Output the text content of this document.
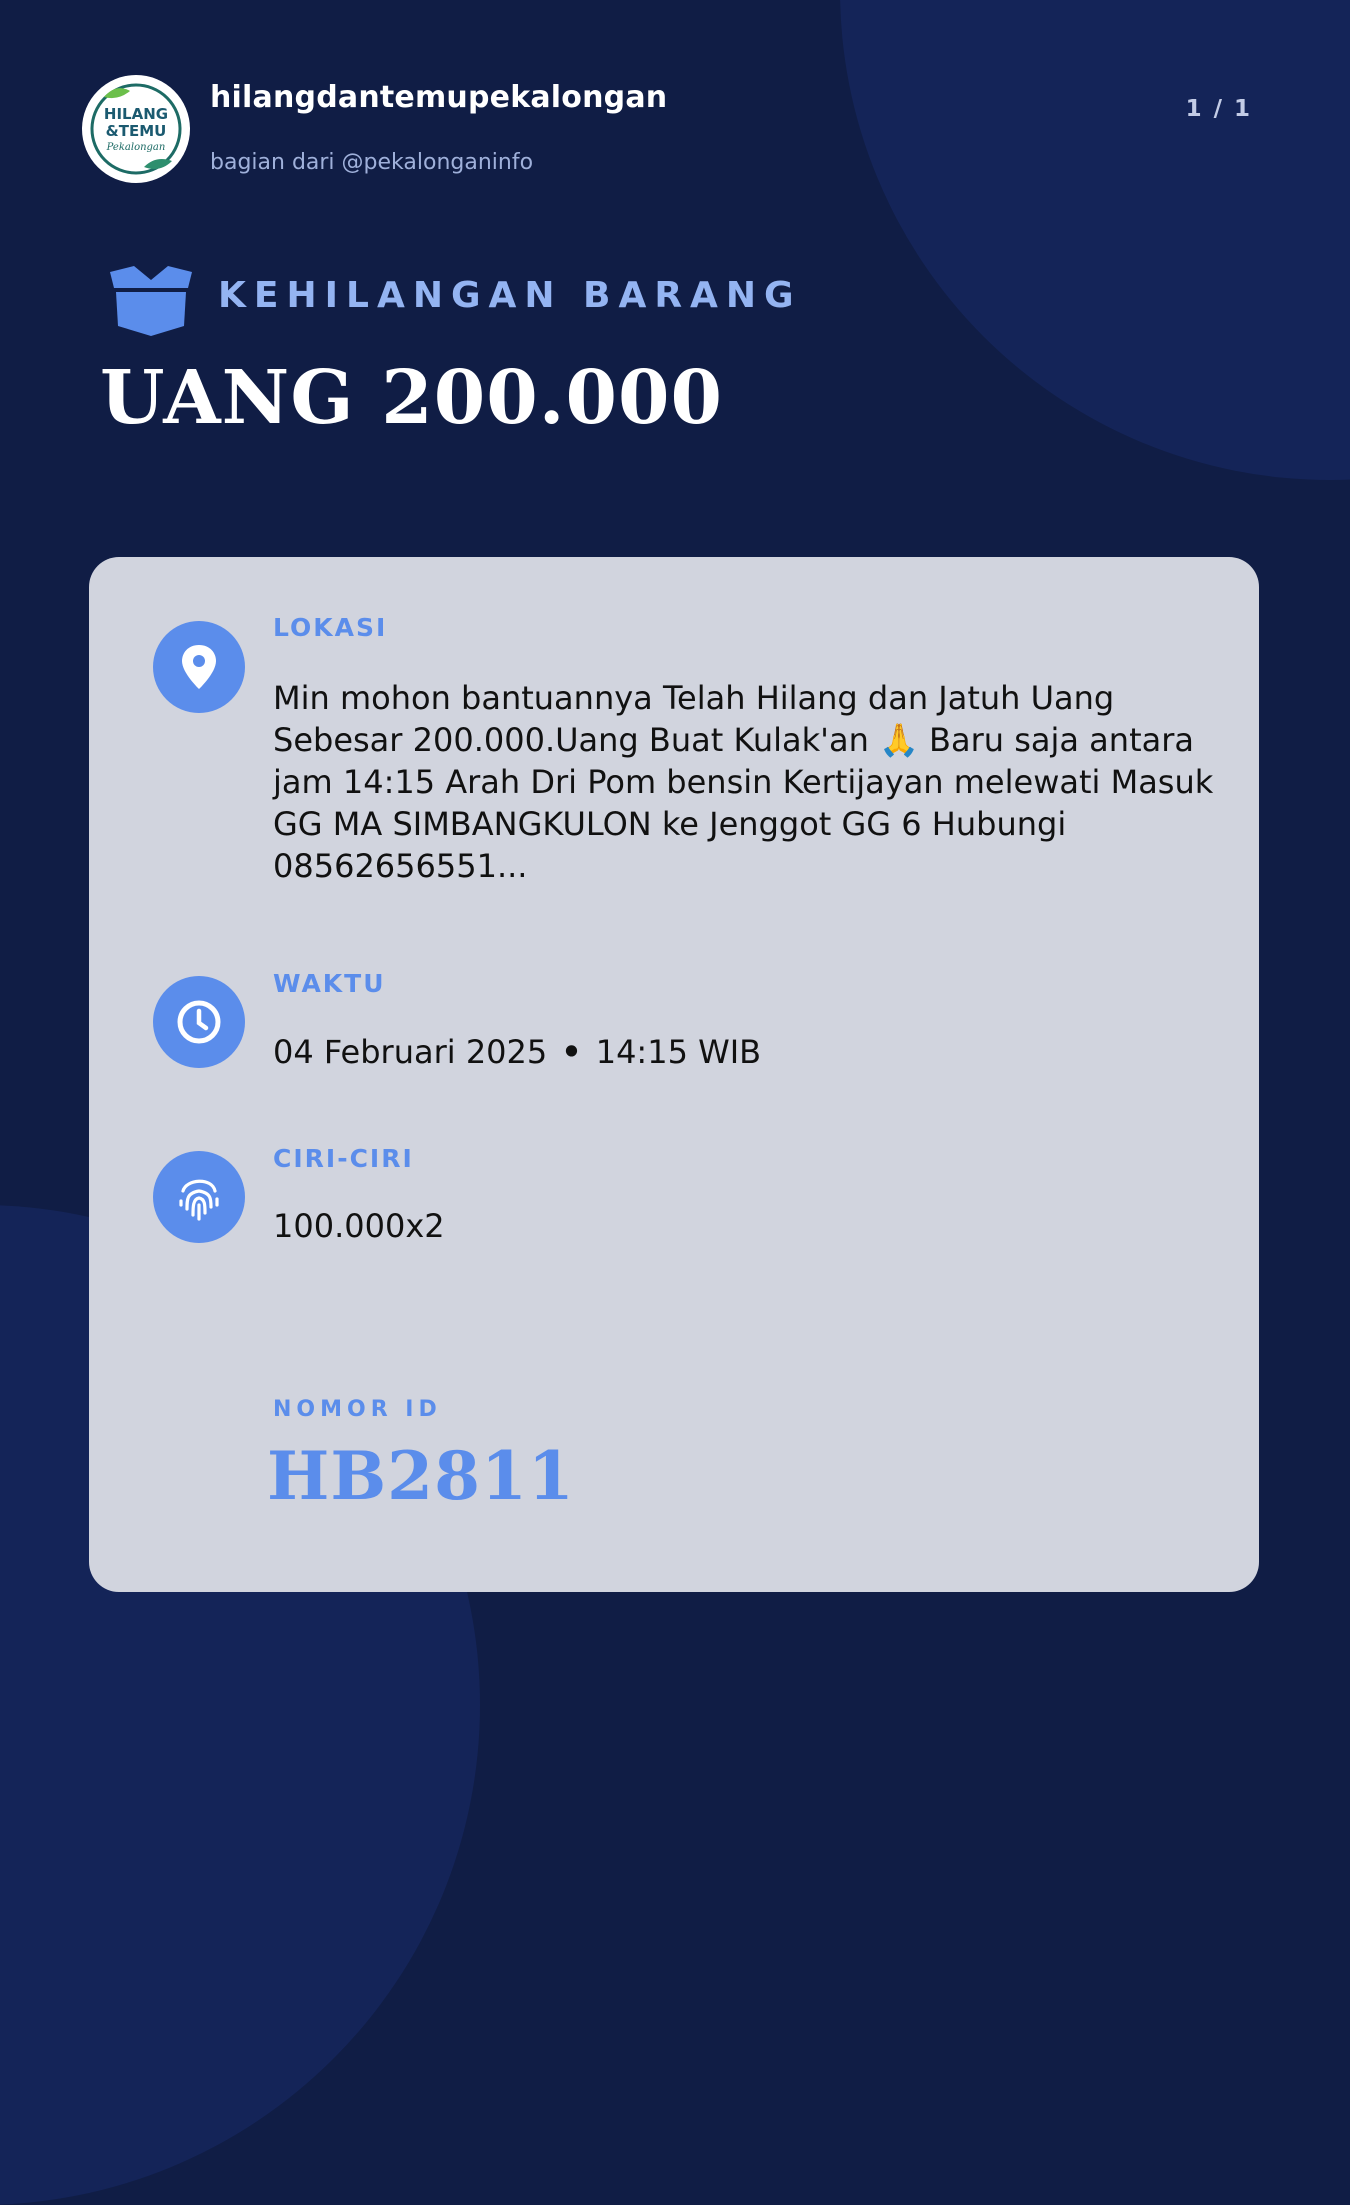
HILANG
&TEMU
Pekalongan
hilangdantemupekalongan
bagian dari @pekalonganinfo
1 / 1
KEHILANGAN BARANG
UANG 200.000
LOKASI
Min mohon bantuannya Telah Hilang dan Jatuh Uang Sebesar 200.000.Uang Buat Kulak'an 🙏 Baru saja antara jam 14:15 Arah Dri Pom bensin Kertijayan melewati Masuk GG MA SIMBANGKULON ke Jenggot GG 6 Hubungi 08562656551...
WAKTU
04 Februari 2025 • 14:15 WIB
CIRI-CIRI
100.000x2
NOMOR ID
HB2811
